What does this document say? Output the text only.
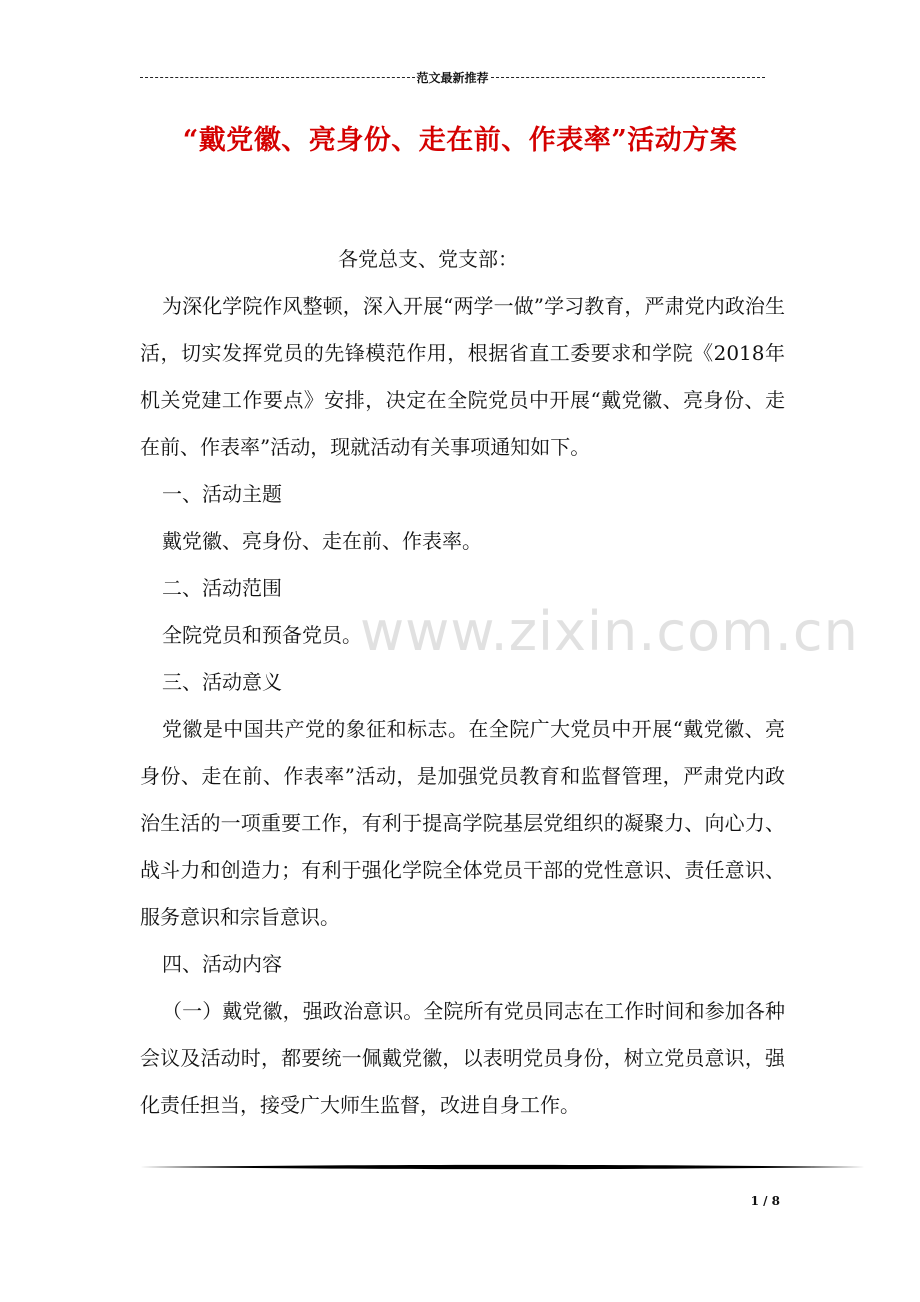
范文最新推荐
“戴党徽、亮身份、走在前、作表率”活动方案
www.zixin.com.cn

各党总支、党支部：

为深化学院作风整顿，深入开展“两学一做”学习教育，严肃党内政治生活，切实发挥党员的先锋模范作用，根据省直工委要求和学院《2018年机关党建工作要点》安排，决定在全院党员中开展“戴党徽、亮身份、走在前、作表率”活动，现就活动有关事项通知如下。

一、活动主题

戴党徽、亮身份、走在前、作表率。

二、活动范围

全院党员和预备党员。

三、活动意义

党徽是中国共产党的象征和标志。在全院广大党员中开展“戴党徽、亮身份、走在前、作表率”活动，是加强党员教育和监督管理，严肃党内政治生活的一项重要工作，有利于提高学院基层党组织的凝聚力、向心力、战斗力和创造力；有利于强化学院全体党员干部的党性意识、责任意识、服务意识和宗旨意识。

四、活动内容

（一）戴党徽，强政治意识。全院所有党员同志在工作时间和参加各种会议及活动时，都要统一佩戴党徽，以表明党员身份，树立党员意识，强化责任担当，接受广大师生监督，改进自身工作。

1 / 8
